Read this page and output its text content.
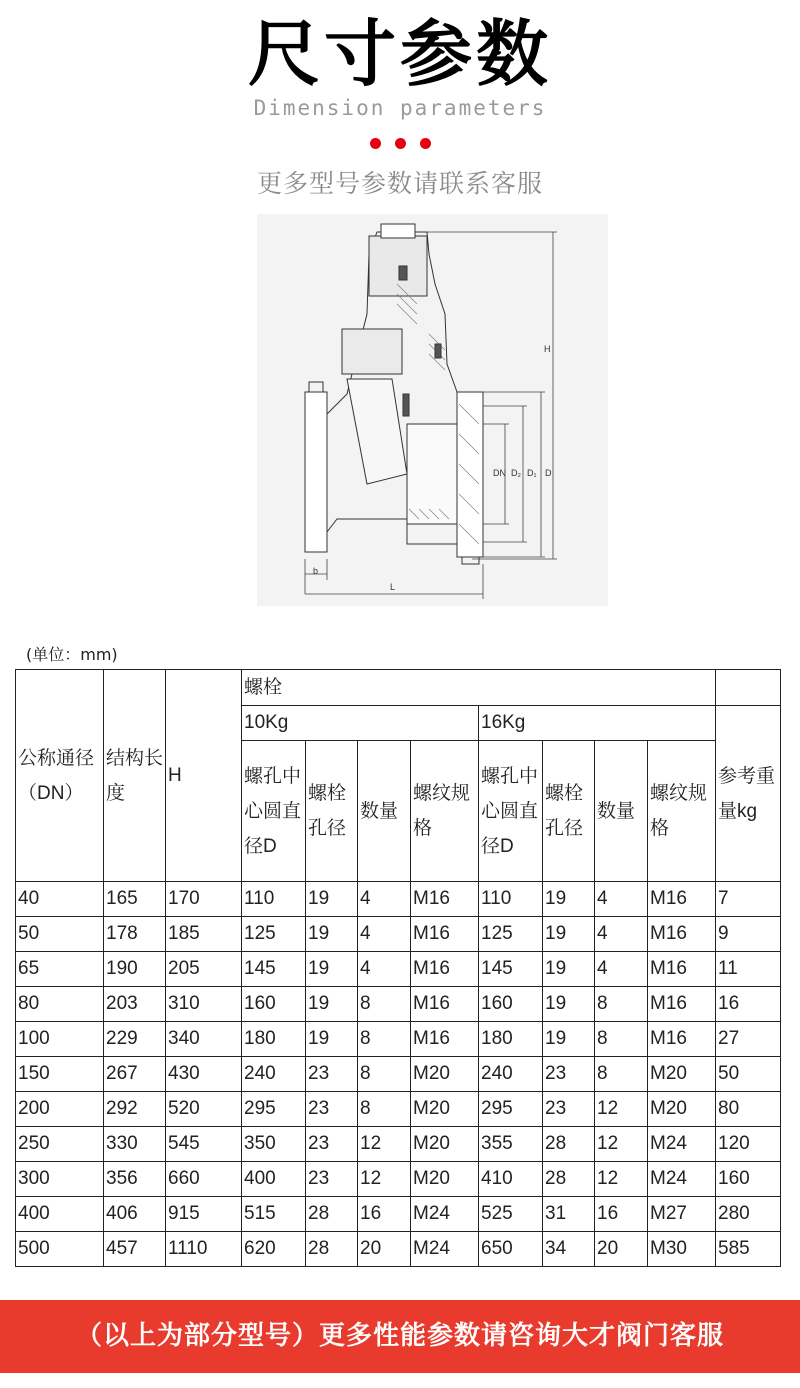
尺寸参数
Dimension parameters
更多型号参数请联系客服
H
DN D₂ D₁ D
b
L
(单位：mm)
公称通径（DN）	结构长度	H	螺栓								
			10Kg				16Kg				参考重量kg
			螺孔中心圆直径D	螺栓孔径	数量	螺纹规格	螺孔中心圆直径D	螺栓孔径	数量	螺纹规格	
40	165	170	110	19	4	M16	110	19	4	M16	7
50	178	185	125	19	4	M16	125	19	4	M16	9
65	190	205	145	19	4	M16	145	19	4	M16	11
80	203	310	160	19	8	M16	160	19	8	M16	16
100	229	340	180	19	8	M16	180	19	8	M16	27
150	267	430	240	23	8	M20	240	23	8	M20	50
200	292	520	295	23	8	M20	295	23	12	M20	80
250	330	545	350	23	12	M20	355	28	12	M24	120
300	356	660	400	23	12	M20	410	28	12	M24	160
400	406	915	515	28	16	M24	525	31	16	M27	280
500	457	1110	620	28	20	M24	650	34	20	M30	585
（以上为部分型号）更多性能参数请咨询大才阀门客服
